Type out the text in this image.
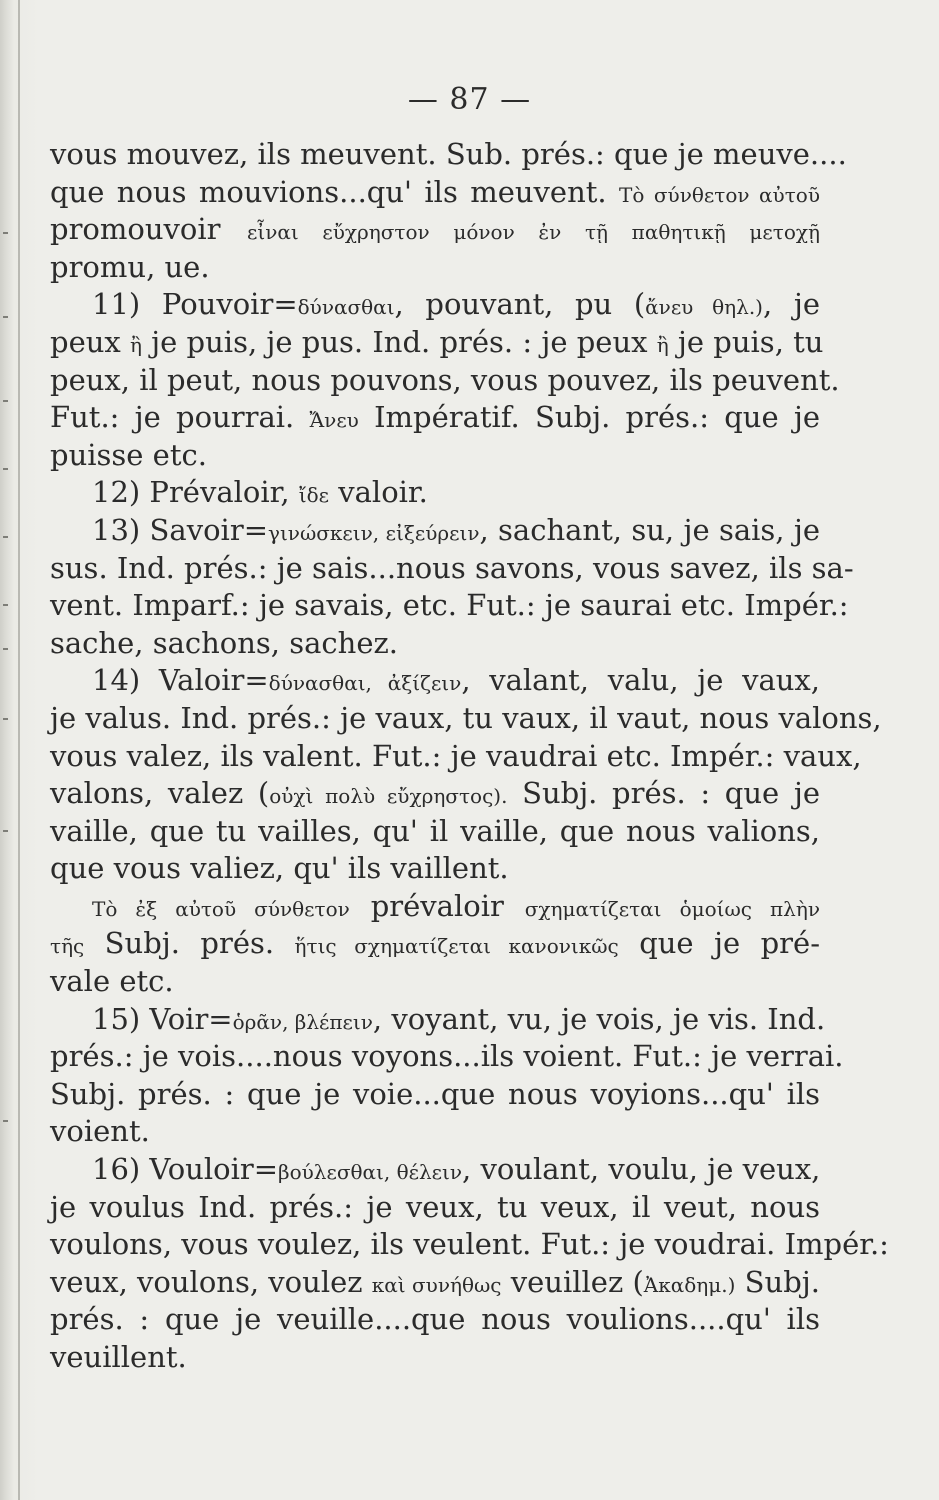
— 87 —
vous mouvez, ils meuvent. Sub. prés.: que je meuve....
que nous mouvions...qu' ils meuvent. Τὸ σύνθετον αὐτοῦ
promouvoir εἶναι εὔχρηστον μόνον ἐν τῇ παθητικῇ μετοχῇ
promu, ue.
11) Pouvoir=δύνασθαι, pouvant, pu (ἄνευ θηλ.), je
peux ἢ je puis, je pus. Ind. prés. : je peux ἢ je puis, tu
peux, il peut, nous pouvons, vous pouvez, ils peuvent.
Fut.: je pourrai. Ἄνευ Impératif. Subj. prés.: que je
puisse etc.
12) Prévaloir, ἴδε valoir.
13) Savoir=γινώσκειν, εἰξεύρειν, sachant, su, je sais, je
sus. Ind. prés.: je sais...nous savons, vous savez, ils sa-
vent. Imparf.: je savais, etc. Fut.: je saurai etc. Impér.:
sache, sachons, sachez.
14) Valoir=δύνασθαι, ἀξίζειν, valant, valu, je vaux,
je valus. Ind. prés.: je vaux, tu vaux, il vaut, nous valons,
vous valez, ils valent. Fut.: je vaudrai etc. Impér.: vaux,
valons, valez (οὐχὶ πολὺ εὔχρηστος). Subj. prés. : que je
vaille, que tu vailles, qu' il vaille, que nous valions,
que vous valiez, qu' ils vaillent.
Τὸ ἐξ αὐτοῦ σύνθετον prévaloir σχηματίζεται ὁμοίως πλὴν
τῆς Subj. prés. ἥτις σχηματίζεται κανονικῶς que je pré-
vale etc.
15) Voir=ὁρᾶν, βλέπειν, voyant, vu, je vois, je vis. Ind.
prés.: je vois....nous voyons...ils voient. Fut.: je verrai.
Subj. prés. : que je voie...que nous voyions...qu' ils
voient.
16) Vouloir=βούλεσθαι, θέλειν, voulant, voulu, je veux,
je voulus Ind. prés.: je veux, tu veux, il veut, nous
voulons, vous voulez, ils veulent. Fut.: je voudrai. Impér.:
veux, voulons, voulez καὶ συνήθως veuillez (Ἀκαδημ.) Subj.
prés. : que je veuille....que nous voulions....qu' ils
veuillent.
